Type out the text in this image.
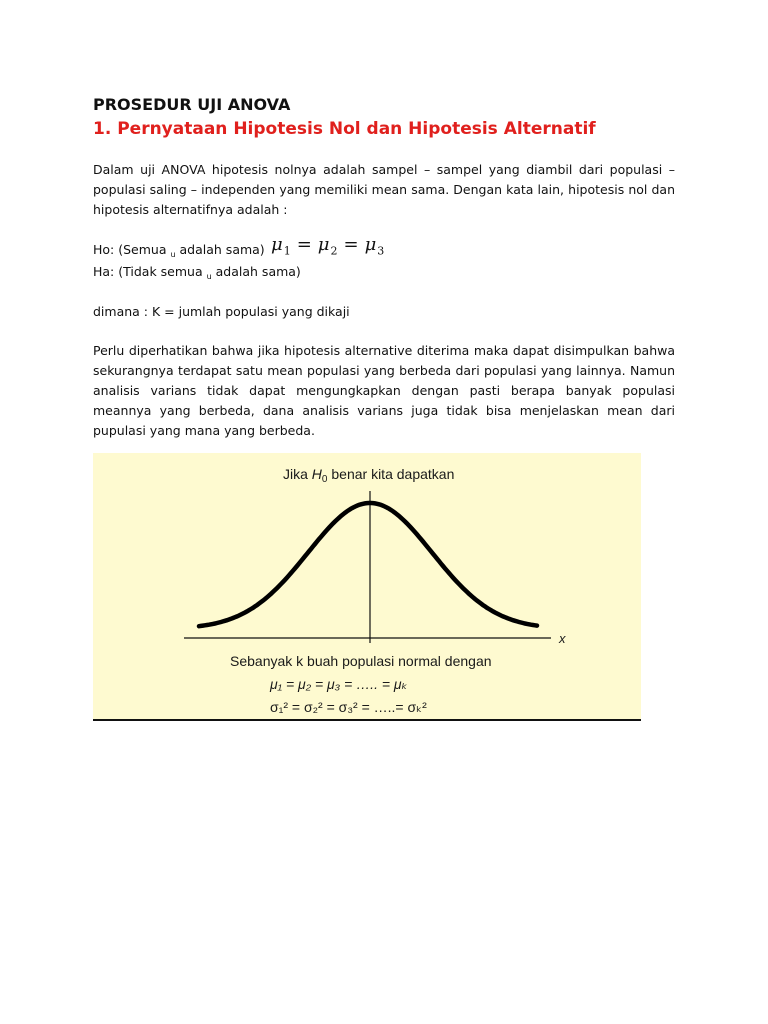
PROSEDUR UJI ANOVA
1. Pernyataan Hipotesis Nol dan Hipotesis Alternatif

Dalam uji ANOVA hipotesis nolnya adalah sampel – sampel yang diambil dari populasi – populasi saling – independen yang memiliki mean sama. Dengan kata lain, hipotesis nol dan hipotesis alternatifnya adalah :

Ho: (Semua $_u$ adalah sama)
Ha: (Tidak semua $_u$ adalah sama)
$\mu_1 = \mu_2 = \mu_3$

dimana : K = jumlah populasi yang dikaji

Perlu diperhatikan bahwa jika hipotesis alternative diterima maka dapat disimpulkan bahwa sekurangnya terdapat satu mean populasi yang berbeda dari populasi yang lainnya. Namun analisis varians tidak dapat mengungkapkan dengan pasti berapa banyak populasi meannya yang berbeda, dana analisis varians juga tidak bisa menjelaskan mean dari pupulasi yang mana yang berbeda.

Jika $H_0$ benar kita dapatkan
x
Sebanyak k buah populasi normal dengan
μ₁ = μ₂ = μ₃ = ….. = μₖ
σ₁² = σ₂² = σ₃² = …..= σₖ²
